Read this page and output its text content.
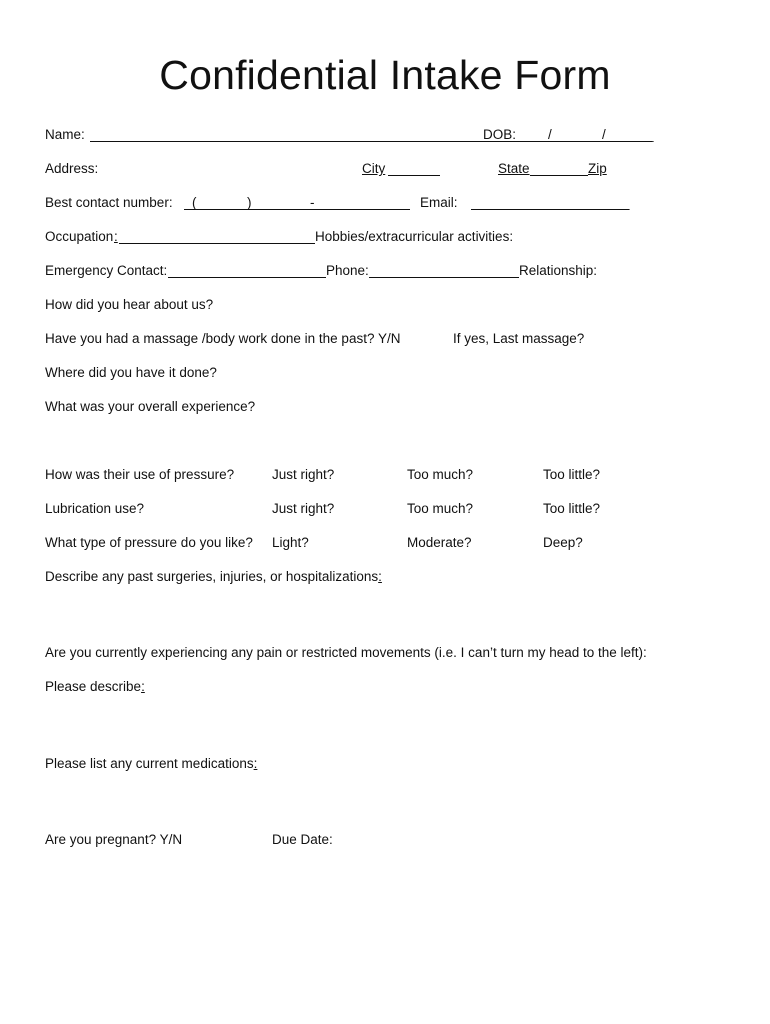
Confidential Intake Form
Name:	DOB: /	/	_
Address:	City	_	State	Zip
Best contact number: (	)	-	Email:	_
Occupation :	Hobbies/extracurricular activities:
Emergency Contact:	Phone:	Relationship:
How did you hear about us?
Have you had a massage /body work done in the past? Y/N	If yes, Last massage?
Where did you have it done?
What was your overall experience?
How was their use of pressure?	Just right?	Too much?	Too little?
Lubrication use?	Just right?	Too much?	Too little?
What type of pressure do you like? Light?	Moderate?	Deep?
Describe any past surgeries, injuries, or hospitalizations:
Are you currently experiencing any pain or restricted movements (i.e. I can’t turn my head to the left):
Please describe:
Please list any current medications:
Are you pregnant? Y/N	Due Date:
